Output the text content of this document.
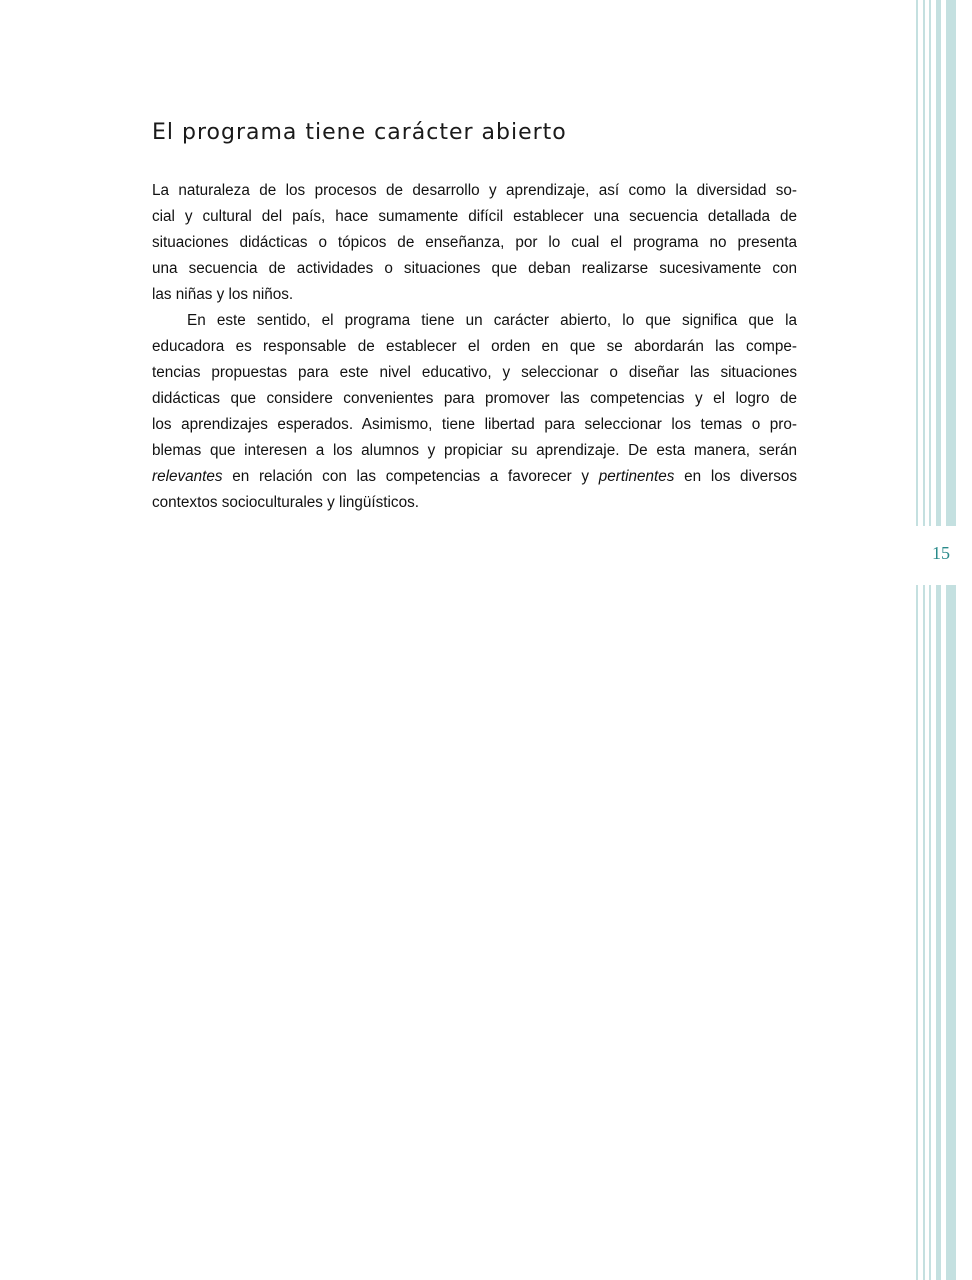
El programa tiene carácter abierto
La naturaleza de los procesos de desarrollo y aprendizaje, así como la diversidad so-
cial y cultural del país, hace sumamente difícil establecer una secuencia detallada de
situaciones didácticas o tópicos de enseñanza, por lo cual el programa no presenta
una secuencia de actividades o situaciones que deban realizarse sucesivamente con
las niñas y los niños.
En este sentido, el programa tiene un carácter abierto, lo que significa que la
educadora es responsable de establecer el orden en que se abordarán las compe-
tencias propuestas para este nivel educativo, y seleccionar o diseñar las situaciones
didácticas que considere convenientes para promover las competencias y el logro de
los aprendizajes esperados. Asimismo, tiene libertad para seleccionar los temas o pro-
blemas que interesen a los alumnos y propiciar su aprendizaje. De esta manera, serán
relevantes en relación con las competencias a favorecer y pertinentes en los diversos
contextos socioculturales y lingüísticos.
15
